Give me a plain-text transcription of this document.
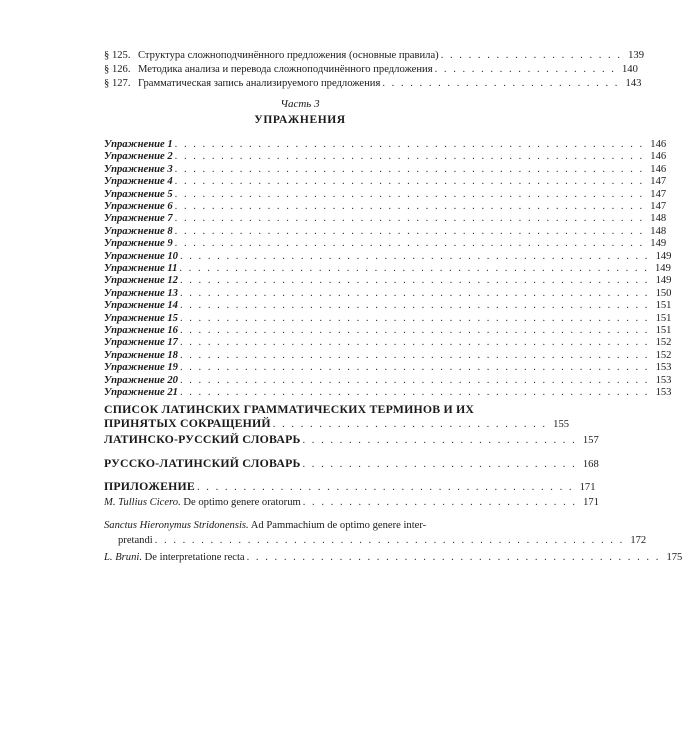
§ 125. Структура сложноподчинённого предложения (основные правила) . . . . . . . . . . . . . . . . . . . . 139
§ 126. Методика анализа и перевода сложноподчинённого предложения . . . . . . . . . . . . . . . . . . . . 140
§ 127. Грамматическая запись анализируемого предложения . . . . . . . . . . . . . . . . . . . . . . . . . . 143
Часть 3
УПРАЖНЕНИЯ
Упражнение 1 . . . . . . . . . . . . . . . . . . . . . . . . . . . . . . . . . . . . . . . . . . . . . . . . . . . 146
Упражнение 2 . . . . . . . . . . . . . . . . . . . . . . . . . . . . . . . . . . . . . . . . . . . . . . . . . . . 146
Упражнение 3 . . . . . . . . . . . . . . . . . . . . . . . . . . . . . . . . . . . . . . . . . . . . . . . . . . . 146
Упражнение 4 . . . . . . . . . . . . . . . . . . . . . . . . . . . . . . . . . . . . . . . . . . . . . . . . . . . 147
Упражнение 5 . . . . . . . . . . . . . . . . . . . . . . . . . . . . . . . . . . . . . . . . . . . . . . . . . . . 147
Упражнение 6 . . . . . . . . . . . . . . . . . . . . . . . . . . . . . . . . . . . . . . . . . . . . . . . . . . . 147
Упражнение 7 . . . . . . . . . . . . . . . . . . . . . . . . . . . . . . . . . . . . . . . . . . . . . . . . . . . 148
Упражнение 8 . . . . . . . . . . . . . . . . . . . . . . . . . . . . . . . . . . . . . . . . . . . . . . . . . . . 148
Упражнение 9 . . . . . . . . . . . . . . . . . . . . . . . . . . . . . . . . . . . . . . . . . . . . . . . . . . . 149
Упражнение 10 . . . . . . . . . . . . . . . . . . . . . . . . . . . . . . . . . . . . . . . . . . . . . . . . . . . 149
Упражнение 11 . . . . . . . . . . . . . . . . . . . . . . . . . . . . . . . . . . . . . . . . . . . . . . . . . . . 149
Упражнение 12 . . . . . . . . . . . . . . . . . . . . . . . . . . . . . . . . . . . . . . . . . . . . . . . . . . . 149
Упражнение 13 . . . . . . . . . . . . . . . . . . . . . . . . . . . . . . . . . . . . . . . . . . . . . . . . . . . 150
Упражнение 14 . . . . . . . . . . . . . . . . . . . . . . . . . . . . . . . . . . . . . . . . . . . . . . . . . . . 151
Упражнение 15 . . . . . . . . . . . . . . . . . . . . . . . . . . . . . . . . . . . . . . . . . . . . . . . . . . . 151
Упражнение 16 . . . . . . . . . . . . . . . . . . . . . . . . . . . . . . . . . . . . . . . . . . . . . . . . . . . 151
Упражнение 17 . . . . . . . . . . . . . . . . . . . . . . . . . . . . . . . . . . . . . . . . . . . . . . . . . . . 152
Упражнение 18 . . . . . . . . . . . . . . . . . . . . . . . . . . . . . . . . . . . . . . . . . . . . . . . . . . . 152
Упражнение 19 . . . . . . . . . . . . . . . . . . . . . . . . . . . . . . . . . . . . . . . . . . . . . . . . . . . 153
Упражнение 20 . . . . . . . . . . . . . . . . . . . . . . . . . . . . . . . . . . . . . . . . . . . . . . . . . . . 153
Упражнение 21 . . . . . . . . . . . . . . . . . . . . . . . . . . . . . . . . . . . . . . . . . . . . . . . . . . . 153
СПИСОК ЛАТИНСКИХ ГРАММАТИЧЕСКИХ ТЕРМИНОВ И ИХ
ПРИНЯТЫХ СОКРАЩЕНИЙ . . . . . . . . . . . . . . . . . . . . . . . . . . . . . . 155
ЛАТИНСКО-РУССКИЙ СЛОВАРЬ . . . . . . . . . . . . . . . . . . . . . . . . . . . . . . 157
РУССКО-ЛАТИНСКИЙ СЛОВАРЬ . . . . . . . . . . . . . . . . . . . . . . . . . . . . . . 168
ПРИЛОЖЕНИЕ . . . . . . . . . . . . . . . . . . . . . . . . . . . . . . . . . . . . . . . . . 171
M. Tullius Cicero. De optimo genere oratorum . . . . . . . . . . . . . . . . . . . . . . . . . . . . . . 171
Sanctus Hieronymus Stridonensis. Ad Pammachium de optimo genere inter-
pretandi . . . . . . . . . . . . . . . . . . . . . . . . . . . . . . . . . . . . . . . . . . . . . . . . . . . 172
L. Bruni. De interpretatione recta . . . . . . . . . . . . . . . . . . . . . . . . . . . . . . . . . . . . . . . . . . . . . 175
